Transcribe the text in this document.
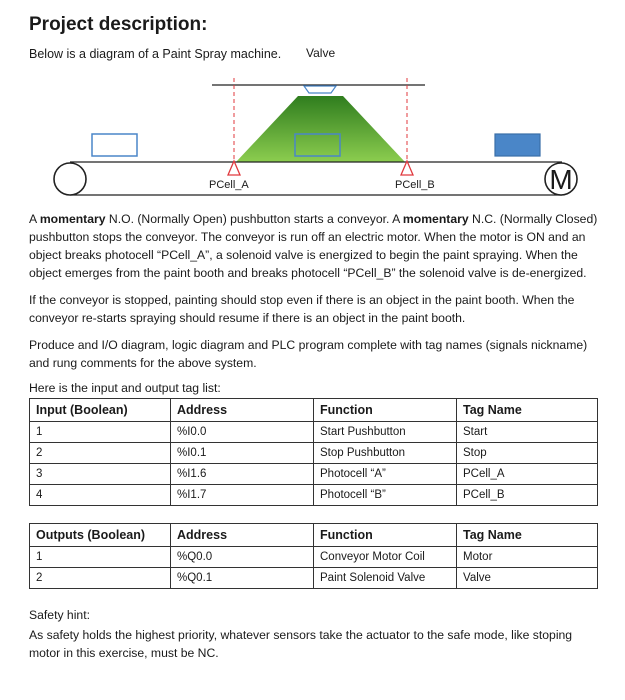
Project description:
Below is a diagram of a Paint Spray machine. Valve
M
PCell_A	PCell_B
A momentary N.O. (Normally Open) pushbutton starts a conveyor. A momentary N.C. (Normally Closed) pushbutton stops the conveyor. The conveyor is run off an electric motor. When the motor is ON and an object breaks photocell “PCell_A”, a solenoid valve is energized to begin the paint spraying. When the object emerges from the paint booth and breaks photocell “PCell_B” the solenoid valve is de-energized.
If the conveyor is stopped, painting should stop even if there is an object in the paint booth. When the conveyor re-starts spraying should resume if there is an object in the paint booth.
Produce and I/O diagram, logic diagram and PLC program complete with tag names (signals nickname) and rung comments for the above system.
Here is the input and output tag list:
Input (Boolean)	Address	Function	Tag Name
1	%I0.0	Start Pushbutton	Start
2	%I0.1	Stop Pushbutton	Stop
3	%I1.6	Photocell “A”	PCell_A
4	%I1.7	Photocell “B”	PCell_B
Outputs (Boolean)	Address	Function	Tag Name
1	%Q0.0	Conveyor Motor Coil	Motor
2	%Q0.1	Paint Solenoid Valve	Valve
Safety hint:
As safety holds the highest priority, whatever sensors take the actuator to the safe mode, like stoping motor in this exercise, must be NC.
